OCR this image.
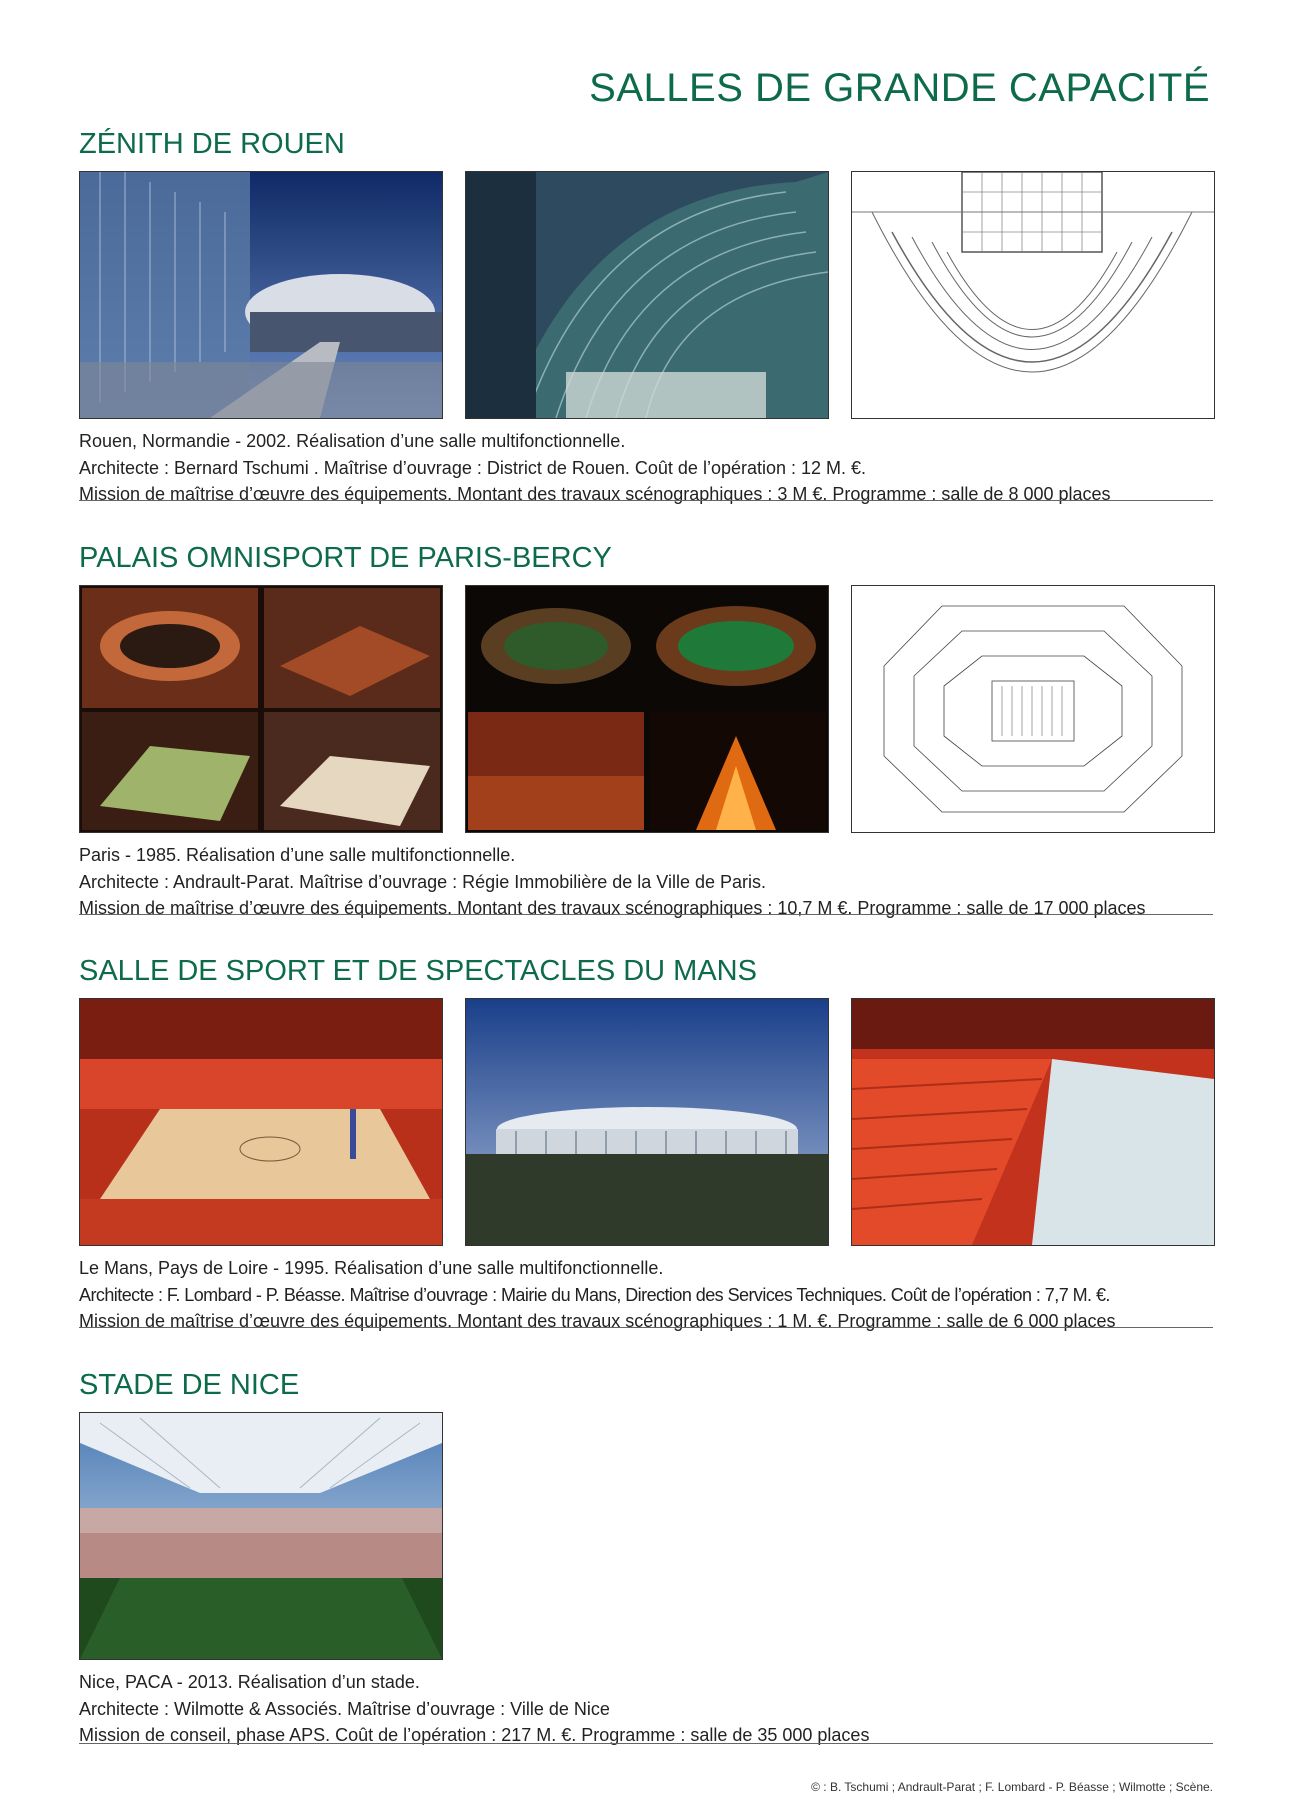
SALLES DE GRANDE CAPACITÉ
ZÉNITH DE ROUEN
Rouen, Normandie - 2002. Réalisation d’une salle multifonctionnelle.
Architecte : Bernard Tschumi . Maîtrise d’ouvrage : District de Rouen. Coût de l’opération : 12 M. €.
Mission de maîtrise d’œuvre des équipements. Montant des travaux scénographiques : 3 M €. Programme : salle de 8 000 places
PALAIS OMNISPORT DE PARIS-BERCY
Paris - 1985. Réalisation d’une salle multifonctionnelle.
Architecte : Andrault-Parat. Maîtrise d’ouvrage : Régie Immobilière de la Ville de Paris.
Mission de maîtrise d’œuvre des équipements. Montant des travaux scénographiques : 10,7 M €. Programme : salle de 17 000 places
SALLE DE SPORT ET DE SPECTACLES DU MANS
Le Mans, Pays de Loire - 1995. Réalisation d’une salle multifonctionnelle.
Architecte : F. Lombard - P. Béasse. Maîtrise d’ouvrage : Mairie du Mans, Direction des Services Techniques. Coût de l’opération : 7,7 M. €.
Mission de maîtrise d’œuvre des équipements. Montant des travaux scénographiques : 1 M. €. Programme : salle de 6 000 places
STADE DE NICE
Nice, PACA - 2013. Réalisation d’un stade.
Architecte : Wilmotte & Associés. Maîtrise d’ouvrage : Ville de Nice
Mission de conseil, phase APS. Coût de l’opération : 217 M. €. Programme : salle de 35 000 places
© : B. Tschumi ; Andrault-Parat ; F. Lombard - P. Béasse ; Wilmotte ; Scène.
